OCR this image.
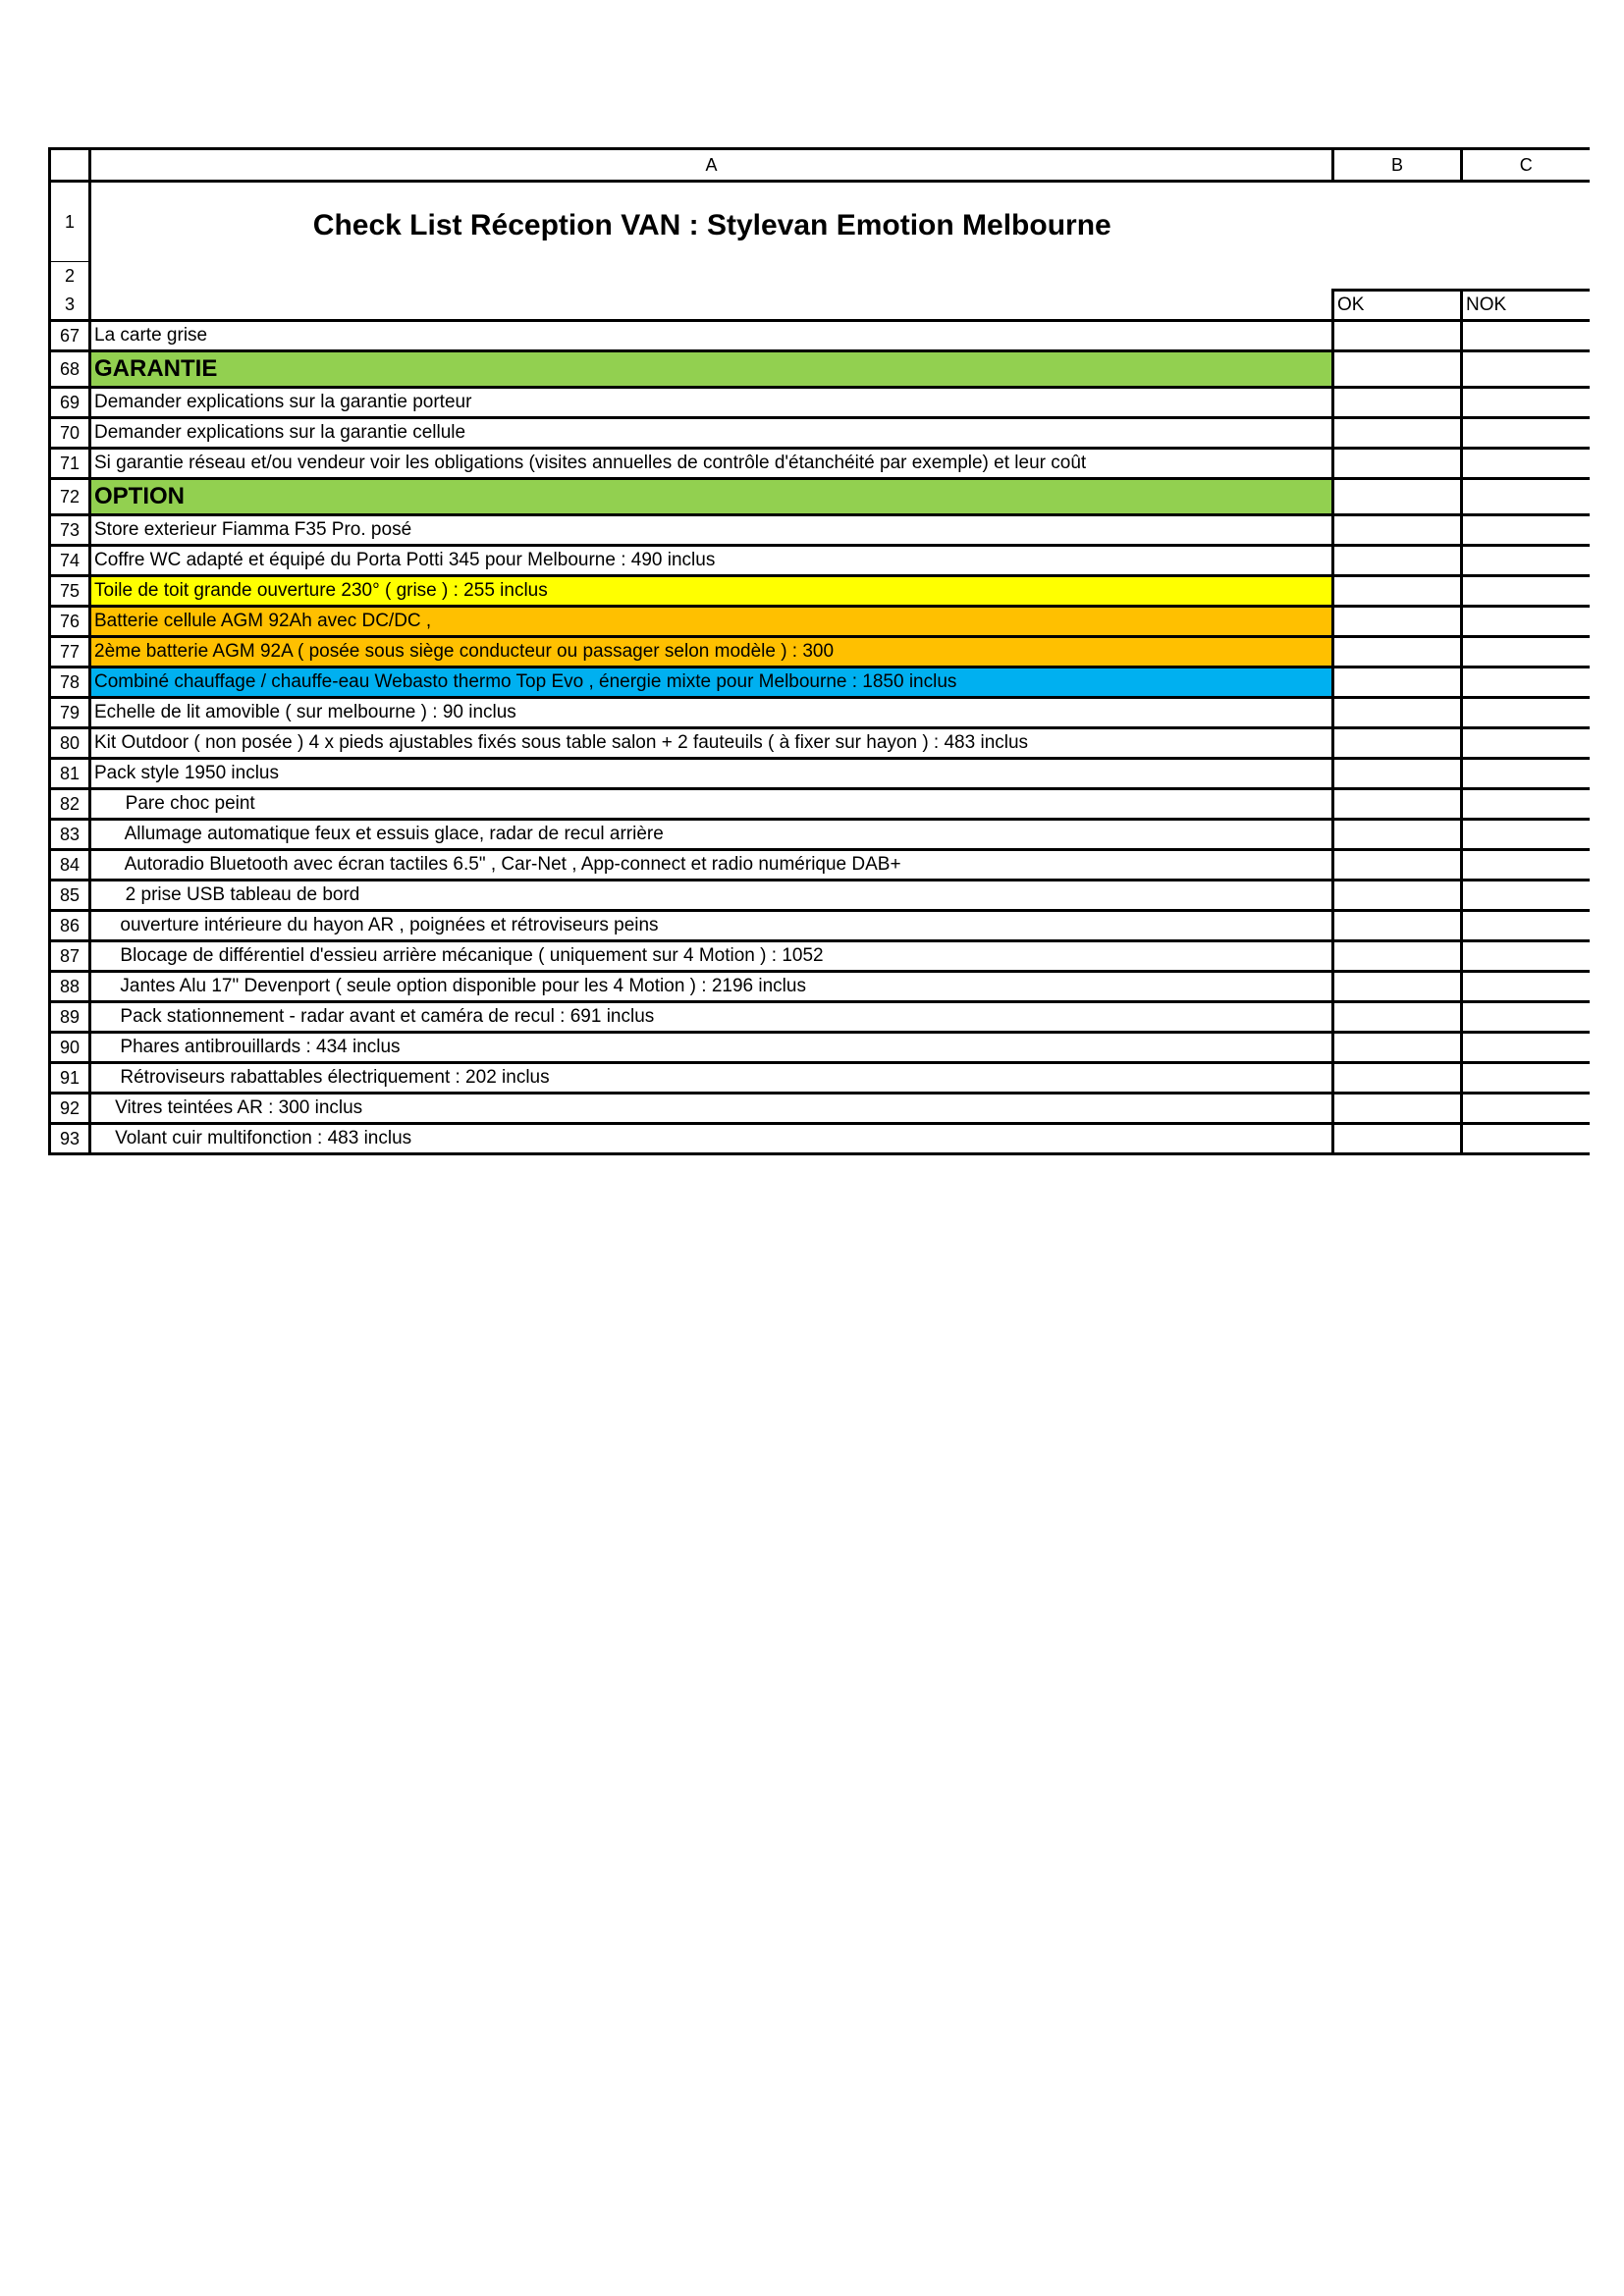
	A	B	C
1	Check List Réception VAN : Stylevan Emotion Melbourne		
2			
3		OK	NOK
67	La carte grise		
68	GARANTIE		
69	Demander explications sur la garantie porteur		
70	Demander explications sur la garantie cellule		
71	Si garantie réseau et/ou vendeur voir les obligations (visites annuelles de contrôle d'étanchéité par exemple) et leur coût		
72	OPTION		
73	Store exterieur Fiamma F35 Pro. posé		
74	Coffre WC adapté et équipé du Porta Potti 345 pour Melbourne : 490 inclus		
75	Toile de toit grande ouverture 230° ( grise ) : 255 inclus		
76	Batterie cellule AGM 92Ah avec DC/DC ,		
77	2ème batterie AGM 92A ( posée sous siège conducteur ou passager selon modèle ) : 300		
78	Combiné chauffage / chauffe-eau Webasto thermo Top Evo , énergie mixte pour Melbourne : 1850 inclus		
79	Echelle de lit amovible ( sur melbourne ) : 90 inclus		
80	Kit Outdoor ( non posée ) 4 x pieds ajustables fixés sous table salon + 2 fauteuils ( à fixer sur hayon ) : 483 inclus		
81	Pack style 1950 inclus		
82	Pare choc peint		
83	Allumage automatique feux et essuis glace, radar de recul arrière		
84	Autoradio Bluetooth avec écran tactiles 6.5" , Car-Net , App-connect et radio numérique DAB+		
85	2 prise USB tableau de bord		
86	ouverture intérieure du hayon AR , poignées et rétroviseurs peins		
87	Blocage de différentiel d'essieu arrière mécanique ( uniquement sur 4 Motion ) : 1052		
88	Jantes Alu 17" Devenport ( seule option disponible pour les 4 Motion ) : 2196 inclus		
89	Pack stationnement - radar avant et caméra de recul : 691 inclus		
90	Phares antibrouillards : 434 inclus		
91	Rétroviseurs rabattables électriquement : 202 inclus		
92	Vitres teintées AR : 300 inclus		
93	Volant cuir multifonction : 483 inclus		
